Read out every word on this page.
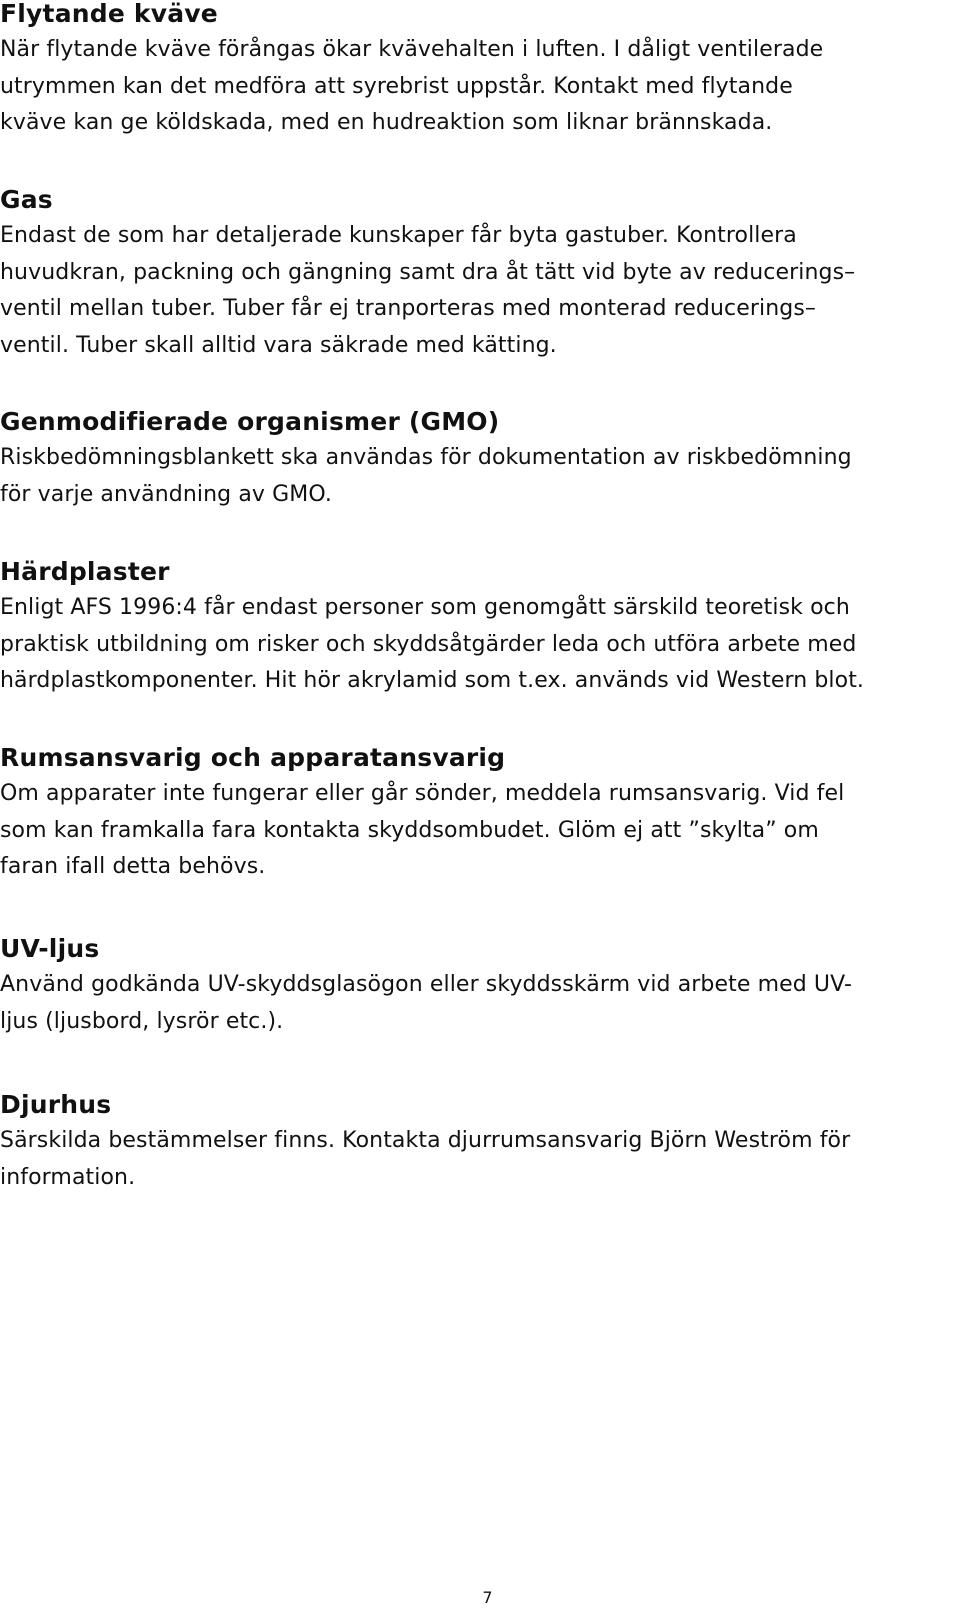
Flytande kväve

När flytande kväve förångas ökar kvävehalten i luften. I dåligt ventilerade
utrymmen kan det medföra att syrebrist uppstår. Kontakt med flytande
kväve kan ge köldskada, med en hudreaktion som liknar brännskada.

Gas

Endast de som har detaljerade kunskaper får byta gastuber. Kontrollera
huvudkran, packning och gängning samt dra åt tätt vid byte av reducerings–
ventil mellan tuber. Tuber får ej tranporteras med monterad reducerings–
ventil. Tuber skall alltid vara säkrade med kätting.

Genmodifierade organismer (GMO)

Riskbedömningsblankett ska användas för dokumentation av riskbedömning
för varje användning av GMO.

Härdplaster

Enligt AFS 1996:4 får endast personer som genomgått särskild teoretisk och
praktisk utbildning om risker och skyddsåtgärder leda och utföra arbete med
härdplastkomponenter. Hit hör akrylamid som t.ex. används vid Western blot.

Rumsansvarig och apparatansvarig

Om apparater inte fungerar eller går sönder, meddela rumsansvarig. Vid fel
som kan framkalla fara kontakta skyddsombudet. Glöm ej att ”skylta” om
faran ifall detta behövs.

UV-ljus

Använd godkända UV-skyddsglasögon eller skyddsskärm vid arbete med UV-
ljus (ljusbord, lysrör etc.).

Djurhus

Särskilda bestämmelser finns. Kontakta djurrumsansvarig Björn Weström för
information.

7
